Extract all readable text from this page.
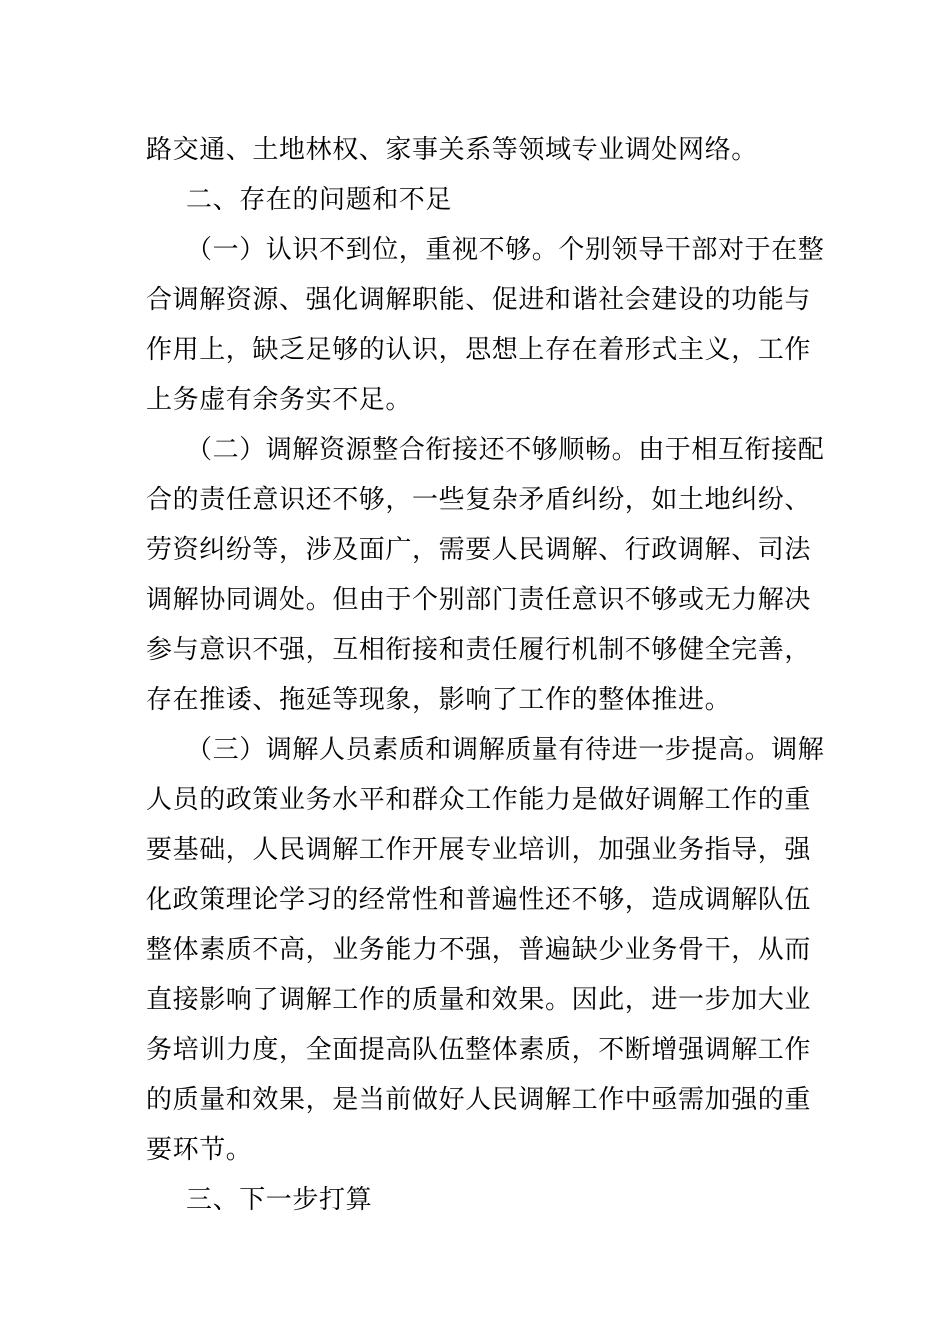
路交通、土地林权、家事关系等领域专业调处网络。
二、存在的问题和不足
（一）认识不到位，重视不够。个别领导干部对于在整
合调解资源、强化调解职能、促进和谐社会建设的功能与
作用上，缺乏足够的认识，思想上存在着形式主义，工作
上务虚有余务实不足。
（二）调解资源整合衔接还不够顺畅。由于相互衔接配
合的责任意识还不够，一些复杂矛盾纠纷，如土地纠纷、
劳资纠纷等，涉及面广，需要人民调解、行政调解、司法
调解协同调处。但由于个别部门责任意识不够或无力解决
参与意识不强，互相衔接和责任履行机制不够健全完善，
存在推诿、拖延等现象，影响了工作的整体推进。
（三）调解人员素质和调解质量有待进一步提高。调解
人员的政策业务水平和群众工作能力是做好调解工作的重
要基础，人民调解工作开展专业培训，加强业务指导，强
化政策理论学习的经常性和普遍性还不够，造成调解队伍
整体素质不高，业务能力不强，普遍缺少业务骨干，从而
直接影响了调解工作的质量和效果。因此，进一步加大业
务培训力度，全面提高队伍整体素质，不断增强调解工作
的质量和效果，是当前做好人民调解工作中亟需加强的重
要环节。
三、下一步打算
